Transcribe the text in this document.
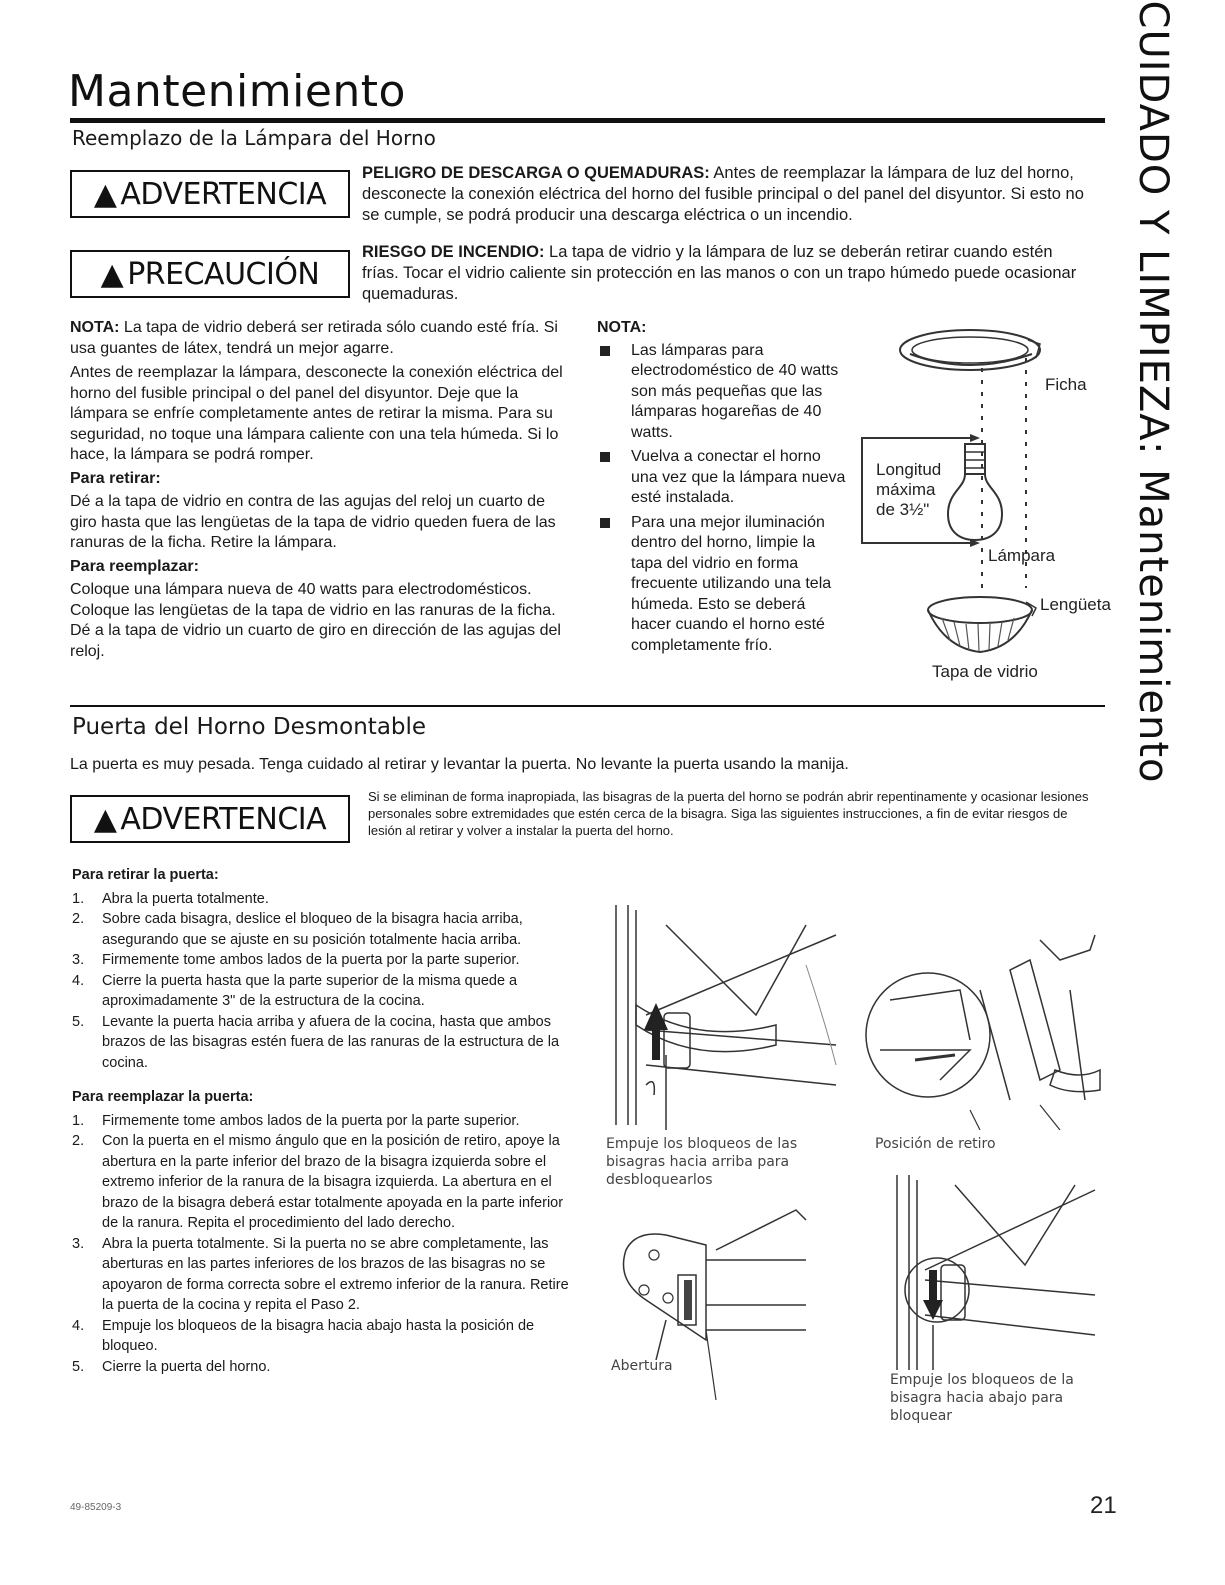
Mantenimiento
Reemplazo de la Lámpara del Horno	CUIDADO Y LIMPIEZA: Mantenimiento
▲ ADVERTENCIA
PELIGRO DE DESCARGA O QUEMADURAS: Antes de reemplazar la lámpara de luz del horno, desconecte la conexión eléctrica del horno del fusible principal o del panel del disyuntor. Si esto no se cumple, se podrá producir una descarga eléctrica o un incendio.
▲ PRECAUCIÓN
RIESGO DE INCENDIO: La tapa de vidrio y la lámpara de luz se deberán retirar cuando estén frías. Tocar el vidrio caliente sin protección en las manos o con un trapo húmedo puede ocasionar quemaduras.
NOTA: La tapa de vidrio deberá ser retirada sólo cuando esté fría. Si usa guantes de látex, tendrá un mejor agarre.
Antes de reemplazar la lámpara, desconecte la conexión eléctrica del horno del fusible principal o del panel del disyuntor. Deje que la lámpara se enfríe completamente antes de retirar la misma. Para su seguridad, no toque una lámpara caliente con una tela húmeda. Si lo hace, la lámpara se podrá romper.
Para retirar:
Dé a la tapa de vidrio en contra de las agujas del reloj un cuarto de giro hasta que las lengüetas de la tapa de vidrio queden fuera de las ranuras de la ficha. Retire la lámpara.
Para reemplazar:
Coloque una lámpara nueva de 40 watts para electrodomésticos. Coloque las lengüetas de la tapa de vidrio en las ranuras de la ficha. Dé a la tapa de vidrio un cuarto de giro en dirección de las agujas del reloj.
NOTA:
Las lámparas para electrodoméstico de 40 watts son más pequeñas que las lámparas hogareñas de 40 watts.
Vuelva a conectar el horno una vez que la lámpara nueva esté instalada.
Para una mejor iluminación dentro del horno, limpie la tapa del vidrio en forma frecuente utilizando una tela húmeda. Esto se deberá hacer cuando el horno esté completamente frío.
Ficha
Longitud
máxima
de 3½"
Lámpara
Lengüeta
Tapa de vidrio
Puerta del Horno Desmontable
La puerta es muy pesada. Tenga cuidado al retirar y levantar la puerta. No levante la puerta usando la manija.
▲ ADVERTENCIA
Si se eliminan de forma inapropiada, las bisagras de la puerta del horno se podrán abrir repentinamente y ocasionar lesiones personales sobre extremidades que estén cerca de la bisagra. Siga las siguientes instrucciones, a fin de evitar riesgos de lesión al retirar y volver a instalar la puerta del horno.
Para retirar la puerta:
1. Abra la puerta totalmente.
2. Sobre cada bisagra, deslice el bloqueo de la bisagra hacia arriba, asegurando que se ajuste en su posición totalmente hacia arriba.
3. Firmemente tome ambos lados de la puerta por la parte superior.
4. Cierre la puerta hasta que la parte superior de la misma quede a aproximadamente 3" de la estructura de la cocina.
5. Levante la puerta hacia arriba y afuera de la cocina, hasta que ambos brazos de las bisagras estén fuera de las ranuras de la estructura de la cocina.
Para reemplazar la puerta:
1. Firmemente tome ambos lados de la puerta por la parte superior.
2. Con la puerta en el mismo ángulo que en la posición de retiro, apoye la abertura en la parte inferior del brazo de la bisagra izquierda sobre el extremo inferior de la ranura de la bisagra izquierda. La abertura en el brazo de la bisagra deberá estar totalmente apoyada en la parte inferior de la ranura. Repita el procedimiento del lado derecho.
3. Abra la puerta totalmente. Si la puerta no se abre completamente, las aberturas en las partes inferiores de los brazos de las bisagras no se apoyaron de forma correcta sobre el extremo inferior de la ranura. Retire la puerta de la cocina y repita el Paso 2.
4. Empuje los bloqueos de la bisagra hacia abajo hasta la posición de bloqueo.
5. Cierre la puerta del horno.
Empuje los bloqueos de las bisagras hacia arriba para desbloquearlos
Posición de retiro
Abertura
Empuje los bloqueos de la bisagra hacia abajo para bloquear
49-85209-3	21
